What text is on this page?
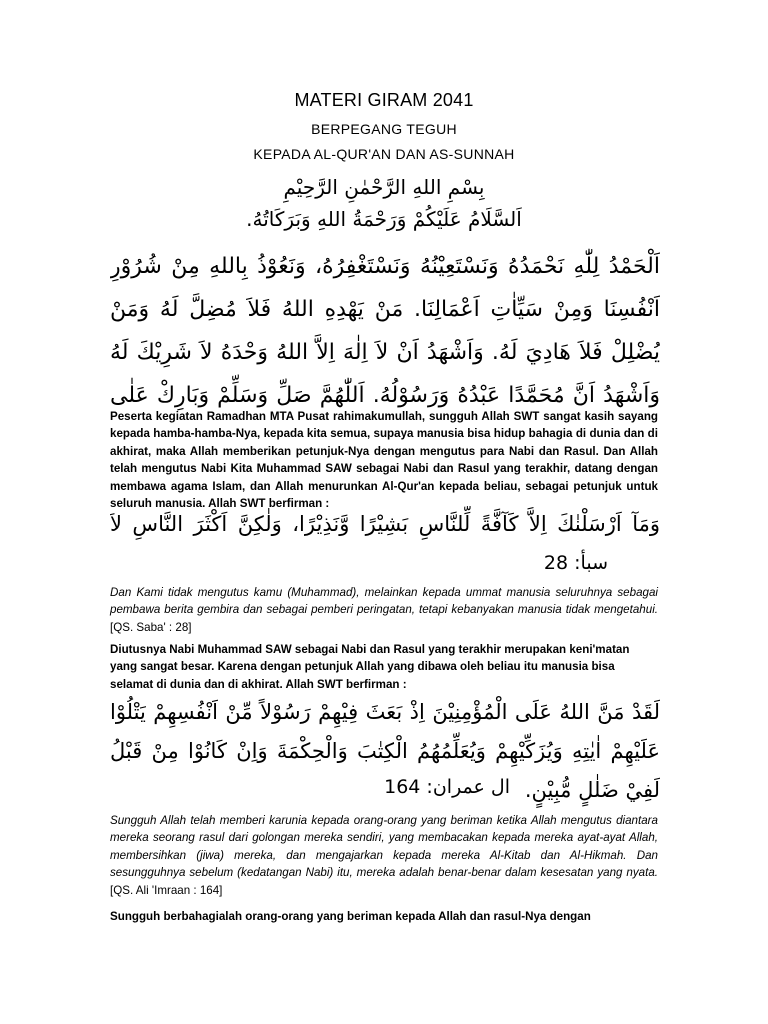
MATERI GIRAM 2041
BERPEGANG TEGUH
KEPADA AL-QUR'AN DAN AS-SUNNAH
بِسْمِ اللهِ الرَّحْمٰنِ الرَّحِيْمِ
اَلسَّلَامُ عَلَيْكُمْ وَرَحْمَةُ اللهِ وَبَرَكَاتُهُ.
اَلْحَمْدُ لِلّٰهِ نَحْمَدُهُ وَنَسْتَعِيْنُهُ وَنَسْتَغْفِرُهُ، وَنَعُوْذُ بِاللهِ مِنْ شُرُوْرِ اَنْفُسِنَا وَمِنْ سَيِّاٰتِ اَعْمَالِنَا. مَنْ يَهْدِهِ اللهُ فَلاَ مُضِلَّ لَهُ وَمَنْ يُضْلِلْ فَلاَ هَادِيَ لَهُ. وَاَشْهَدُ اَنْ لاَ اِلٰهَ اِلاَّ اللهُ وَحْدَهُ لاَ شَرِيْكَ لَهُ وَاَشْهَدُ اَنَّ مُحَمَّدًا عَبْدُهُ وَرَسُوْلُهُ. اَللّٰهُمَّ صَلِّ وَسَلِّمْ وَبَارِكْ عَلٰى
Peserta kegiatan Ramadhan MTA Pusat rahimakumullah, sungguh Allah SWT sangat kasih sayang kepada hamba-hamba-Nya, kepada kita semua, supaya manusia bisa hidup bahagia di dunia dan di akhirat, maka Allah memberikan petunjuk-Nya dengan mengutus para Nabi dan Rasul. Dan Allah telah mengutus Nabi Kita Muhammad SAW sebagai Nabi dan Rasul yang terakhir, datang dengan membawa agama Islam, dan Allah menurunkan Al-Qur'an kepada beliau, sebagai petunjuk untuk seluruh manusia. Allah SWT berfirman :
وَمَآ اَرْسَلْنٰكَ اِلاَّ كَآفَّةً لِّلنَّاسِ بَشِيْرًا وَّنَذِيْرًا، وَلٰكِنَّ اَكْثَرَ النَّاسِ لاَ
سبأ: 28
Dan Kami tidak mengutus kamu (Muhammad), melainkan kepada ummat manusia seluruhnya sebagai pembawa berita gembira dan sebagai pemberi peringatan, tetapi kebanyakan manusia tidak mengetahui. [QS. Saba' : 28]
Diutusnya Nabi Muhammad SAW sebagai Nabi dan Rasul yang terakhir merupakan keni'matan yang sangat besar. Karena dengan petunjuk Allah yang dibawa oleh beliau itu manusia bisa selamat di dunia dan di akhirat. Allah SWT berfirman :
لَقَدْ مَنَّ اللهُ عَلَى الْمُؤْمِنِيْنَ اِذْ بَعَثَ فِيْهِمْ رَسُوْلاً مِّنْ اَنْفُسِهِمْ يَتْلُوْا عَلَيْهِمْ اٰيٰتِهِ وَيُزَكِّيْهِمْ وَيُعَلِّمُهُمُ الْكِتٰبَ وَالْحِكْمَةَ وَاِنْ كَانُوْا مِنْ قَبْلُ لَفِيْ ضَلٰلٍ مُّبِيْنٍ.
ال عمران: 164
Sungguh Allah telah memberi karunia kepada orang-orang yang beriman ketika Allah mengutus diantara mereka seorang rasul dari golongan mereka sendiri, yang membacakan kepada mereka ayat-ayat Allah, membersihkan (jiwa) mereka, dan mengajarkan kepada mereka Al-Kitab dan Al-Hikmah. Dan sesungguhnya sebelum (kedatangan Nabi) itu, mereka adalah benar-benar dalam kesesatan yang nyata. [QS. Ali 'Imraan : 164]
Sungguh berbahagialah orang-orang yang beriman kepada Allah dan rasul-Nya dengan
